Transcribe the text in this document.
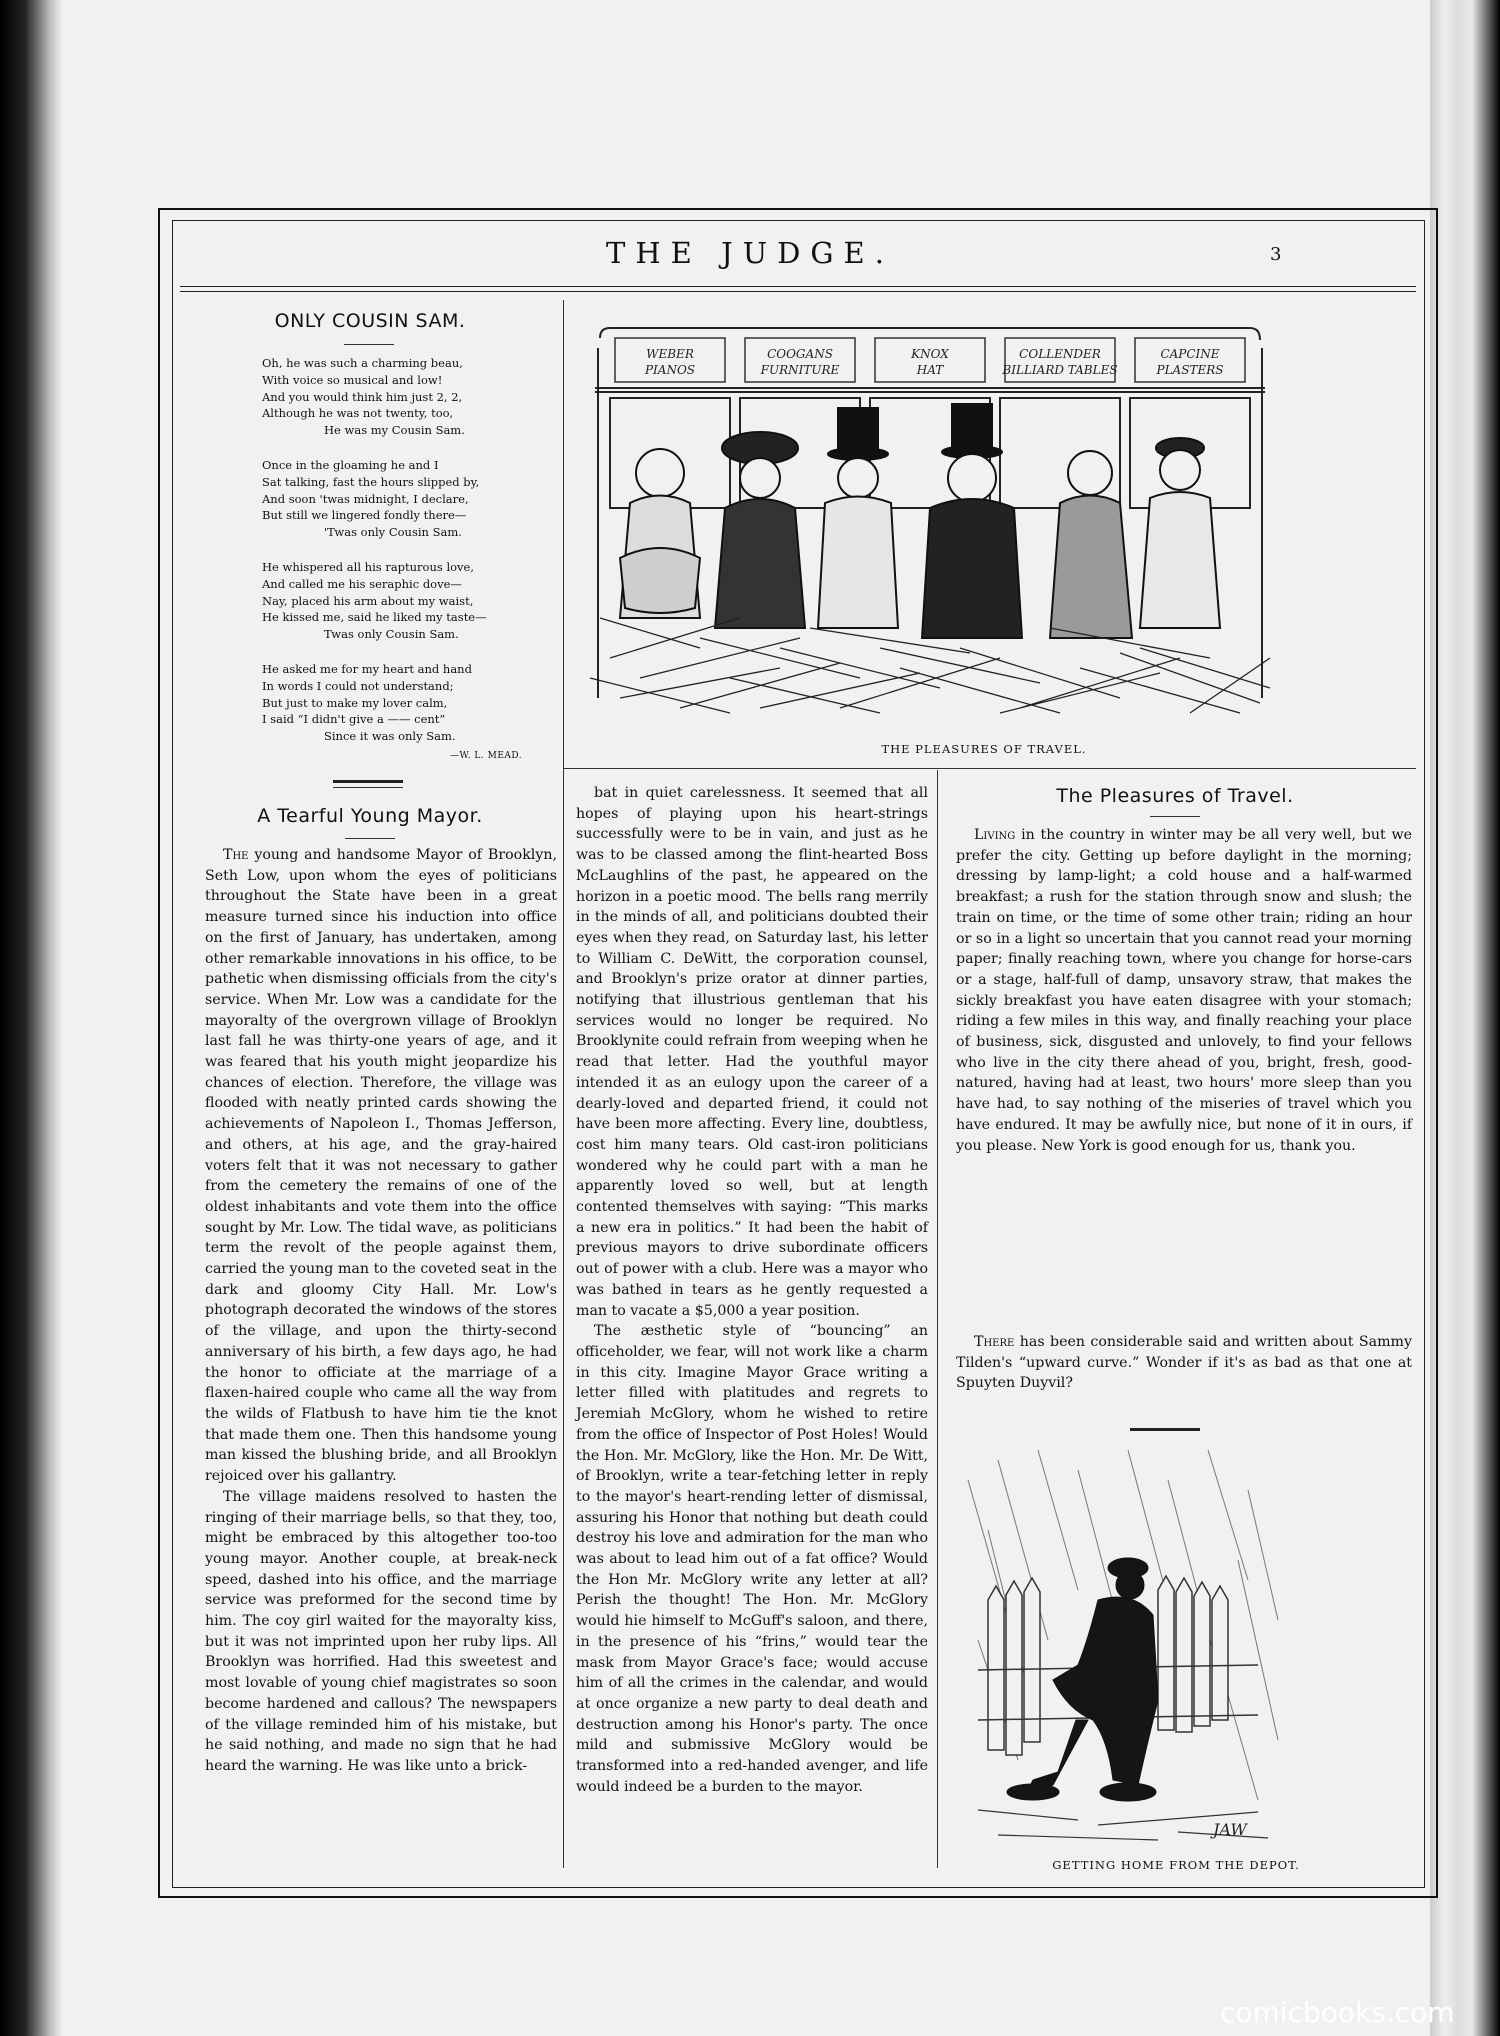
THE JUDGE.	3
ONLY COUSIN SAM.
Oh, he was such a charming beau,
With voice so musical and low!
And you would think him just 2, 2,
Although he was not twenty, too,
He was my Cousin Sam.
Once in the gloaming he and I
Sat talking, fast the hours slipped by,
And soon 'twas midnight, I declare,
But still we lingered fondly there—
'Twas only Cousin Sam.
He whispered all his rapturous love,
And called me his seraphic dove—
Nay, placed his arm about my waist,
He kissed me, said he liked my taste—
Twas only Cousin Sam.
He asked me for my heart and hand
In words I could not understand;
But just to make my lover calm,
I said “I didn't give a —— cent”
Since it was only Sam.
—W. L. MEAD.
WEBER
PIANOS
COOGANS
FURNITURE
KNOX
HAT
COLLENDER
BILLIARD TABLES
CAPCINE
PLASTERS
THE PLEASURES OF TRAVEL.
A Tearful Young Mayor.

The young and handsome Mayor of Brooklyn, Seth Low, upon whom the eyes of politicians throughout the State have been in a great measure turned since his induction into office on the first of January, has undertaken, among other remarkable innovations in his office, to be pathetic when dismissing officials from the city's service. When Mr. Low was a candidate for the mayoralty of the overgrown village of Brooklyn last fall he was thirty-one years of age, and it was feared that his youth might jeopardize his chances of election. Therefore, the village was flooded with neatly printed cards showing the achievements of Napoleon I., Thomas Jefferson, and others, at his age, and the gray-haired voters felt that it was not necessary to gather from the cemetery the remains of one of the oldest inhabitants and vote them into the office sought by Mr. Low. The tidal wave, as politicians term the revolt of the people against them, carried the young man to the coveted seat in the dark and gloomy City Hall. Mr. Low's photograph decorated the windows of the stores of the village, and upon the thirty-second anniversary of his birth, a few days ago, he had the honor to officiate at the marriage of a flaxen-haired couple who came all the way from the wilds of Flatbush to have him tie the knot that made them one. Then this handsome young man kissed the blushing bride, and all Brooklyn rejoiced over his gallantry.

The village maidens resolved to hasten the ringing of their marriage bells, so that they, too, might be embraced by this altogether too-too young mayor. Another couple, at break-neck speed, dashed into his office, and the marriage service was preformed for the second time by him. The coy girl waited for the mayoralty kiss, but it was not imprinted upon her ruby lips. All Brooklyn was horrified. Had this sweetest and most lovable of young chief magistrates so soon become hardened and callous? The newspapers of the village reminded him of his mistake, but he said nothing, and made no sign that he had heard the warning. He was like unto a brick-

bat in quiet carelessness. It seemed that all hopes of playing upon his heart-strings successfully were to be in vain, and just as he was to be classed among the flint-hearted Boss McLaughlins of the past, he appeared on the horizon in a poetic mood. The bells rang merrily in the minds of all, and politicians doubted their eyes when they read, on Saturday last, his letter to William C. DeWitt, the corporation counsel, and Brooklyn's prize orator at dinner parties, notifying that illustrious gentleman that his services would no longer be required. No Brooklynite could refrain from weeping when he read that letter. Had the youthful mayor intended it as an eulogy upon the career of a dearly-loved and departed friend, it could not have been more affecting. Every line, doubtless, cost him many tears. Old cast-iron politicians wondered why he could part with a man he apparently loved so well, but at length contented themselves with saying: “This marks a new era in politics.” It had been the habit of previous mayors to drive subordinate officers out of power with a club. Here was a mayor who was bathed in tears as he gently requested a man to vacate a $5,000 a year position.

The æsthetic style of “bouncing” an officeholder, we fear, will not work like a charm in this city. Imagine Mayor Grace writing a letter filled with platitudes and regrets to Jeremiah McGlory, whom he wished to retire from the office of Inspector of Post Holes! Would the Hon. Mr. McGlory, like the Hon. Mr. De Witt, of Brooklyn, write a tear-fetching letter in reply to the mayor's heart-rending letter of dismissal, assuring his Honor that nothing but death could destroy his love and admiration for the man who was about to lead him out of a fat office? Would the Hon Mr. McGlory write any letter at all? Perish the thought! The Hon. Mr. McGlory would hie himself to McGuff's saloon, and there, in the presence of his “frins,” would tear the mask from Mayor Grace's face; would accuse him of all the crimes in the calendar, and would at once organize a new party to deal death and destruction among his Honor's party. The once mild and submissive McGlory would be transformed into a red-handed avenger, and life would indeed be a burden to the mayor.

The Pleasures of Travel.

Living in the country in winter may be all very well, but we prefer the city. Getting up before daylight in the morning; dressing by lamp-light; a cold house and a half-warmed breakfast; a rush for the station through snow and slush; the train on time, or the time of some other train; riding an hour or so in a light so uncertain that you cannot read your morning paper; finally reaching town, where you change for horse-cars or a stage, half-full of damp, unsavory straw, that makes the sickly breakfast you have eaten disagree with your stomach; riding a few miles in this way, and finally reaching your place of business, sick, disgusted and unlovely, to find your fellows who live in the city there ahead of you, bright, fresh, good-natured, having had at least, two hours' more sleep than you have had, to say nothing of the miseries of travel which you have endured. It may be awfully nice, but none of it in ours, if you please. New York is good enough for us, thank you.

There has been considerable said and written about Sammy Tilden's “upward curve.” Wonder if it's as bad as that one at Spuyten Duyvil?

JAW
GETTING HOME FROM THE DEPOT.
comicbooks.com
